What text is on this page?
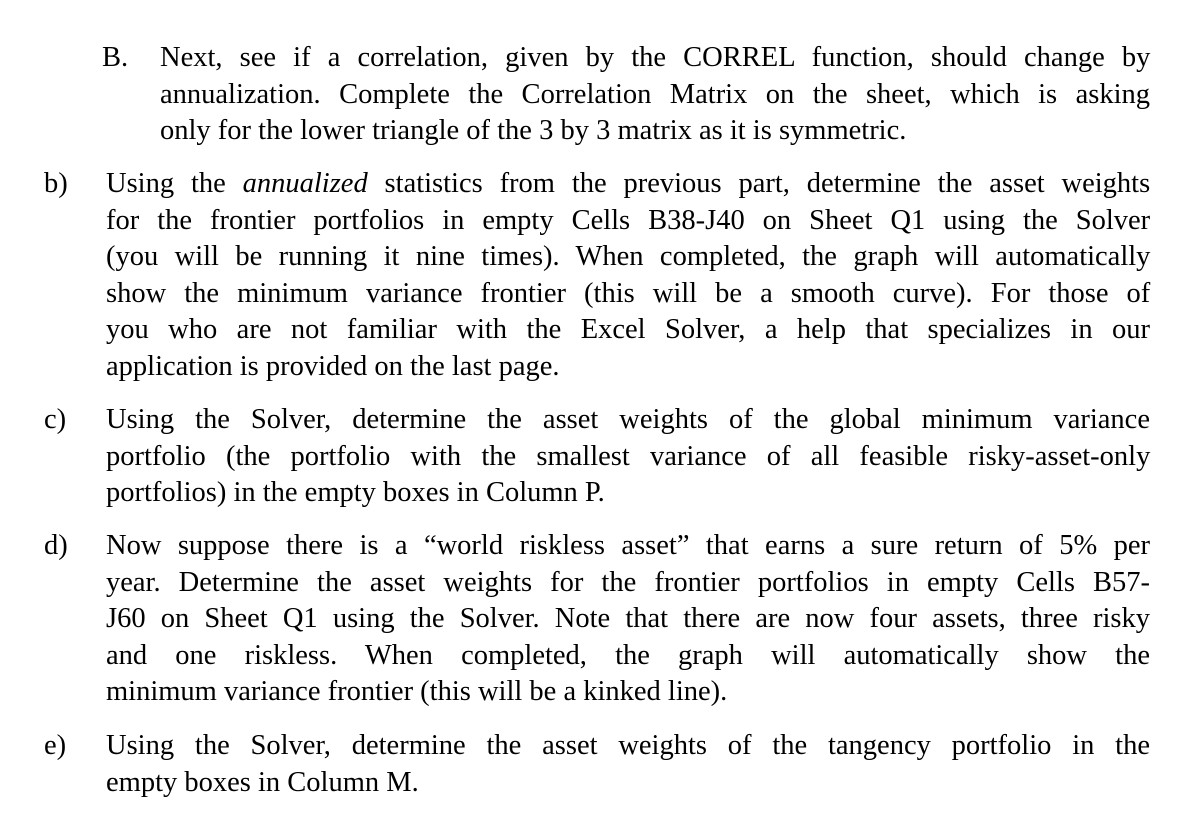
B. Next, see if a correlation, given by the CORREL function, should change by
annualization. Complete the Correlation Matrix on the sheet, which is asking
only for the lower triangle of the 3 by 3 matrix as it is symmetric.
b) Using the annualized statistics from the previous part, determine the asset weights
for the frontier portfolios in empty Cells B38-J40 on Sheet Q1 using the Solver
(you will be running it nine times). When completed, the graph will automatically
show the minimum variance frontier (this will be a smooth curve). For those of
you who are not familiar with the Excel Solver, a help that specializes in our
application is provided on the last page.
c) Using the Solver, determine the asset weights of the global minimum variance
portfolio (the portfolio with the smallest variance of all feasible risky-asset-only
portfolios) in the empty boxes in Column P.
d) Now suppose there is a “world riskless asset” that earns a sure return of 5% per
year. Determine the asset weights for the frontier portfolios in empty Cells B57-
J60 on Sheet Q1 using the Solver. Note that there are now four assets, three risky
and one riskless. When completed, the graph will automatically show the
minimum variance frontier (this will be a kinked line).
e) Using the Solver, determine the asset weights of the tangency portfolio in the
empty boxes in Column M.
